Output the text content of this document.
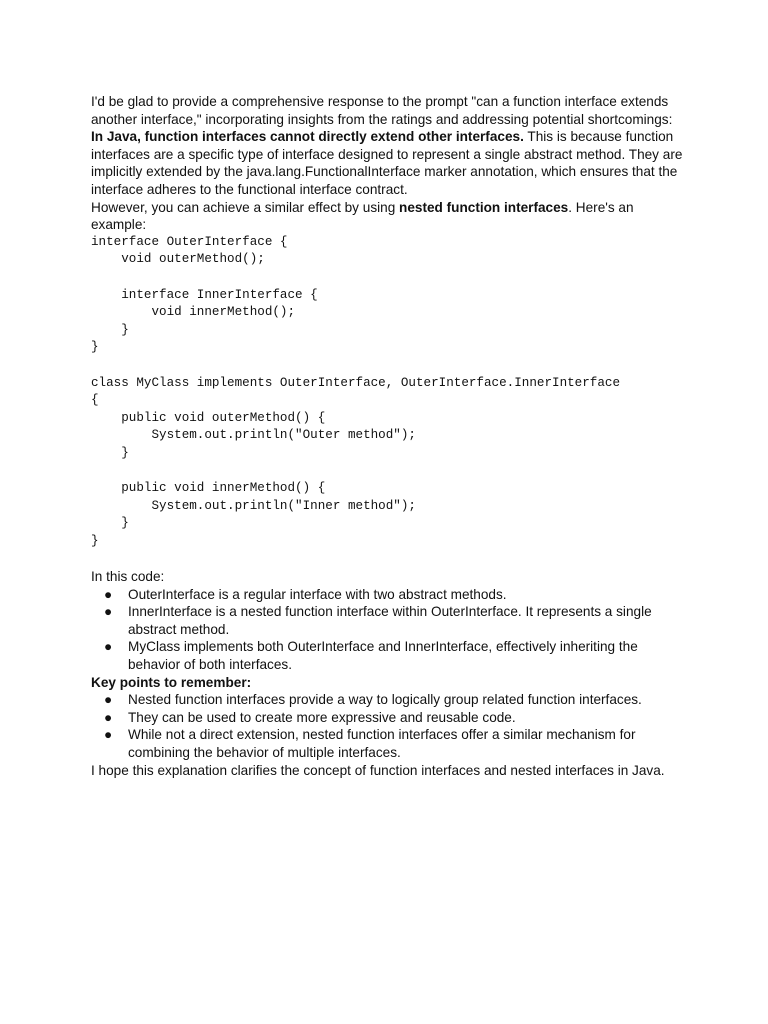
I'd be glad to provide a comprehensive response to the prompt "can a function interface extends another interface," incorporating insights from the ratings and addressing potential shortcomings:

In Java, function interfaces cannot directly extend other interfaces. This is because function interfaces are a specific type of interface designed to represent a single abstract method. They are implicitly extended by the java.lang.FunctionalInterface marker annotation, which ensures that the interface adheres to the functional interface contract.

However, you can achieve a similar effect by using nested function interfaces. Here's an example:

interface OuterInterface {
void outerMethod();
interface InnerInterface {
void innerMethod();
}
}
class MyClass implements OuterInterface, OuterInterface.InnerInterface
{
public void outerMethod() {
System.out.println("Outer method");
}
public void innerMethod() {
System.out.println("Inner method");
}
}

In this code:

● OuterInterface is a regular interface with two abstract methods.
● InnerInterface is a nested function interface within OuterInterface. It represents a single abstract method.
● MyClass implements both OuterInterface and InnerInterface, effectively inheriting the behavior of both interfaces.

Key points to remember:

● Nested function interfaces provide a way to logically group related function interfaces.
● They can be used to create more expressive and reusable code.
● While not a direct extension, nested function interfaces offer a similar mechanism for combining the behavior of multiple interfaces.

I hope this explanation clarifies the concept of function interfaces and nested interfaces in Java.
